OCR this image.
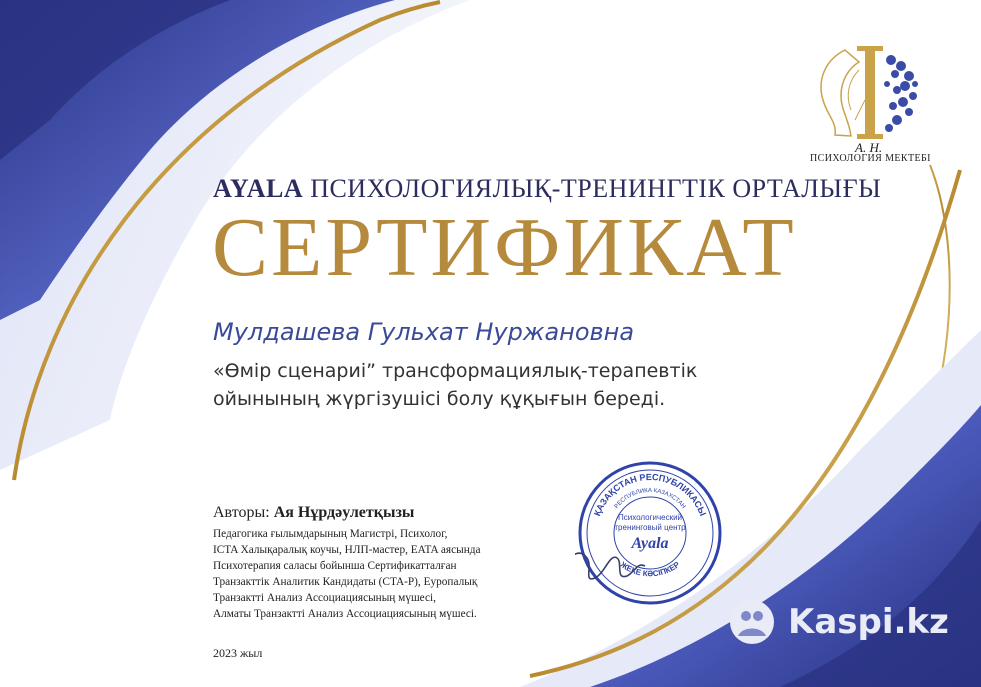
А. Н.
ПСИХОЛОГИЯ МЕКТЕБІ
AYALA ПСИХОЛОГИЯЛЫҚ-ТРЕНИНГТІК ОРТАЛЫҒЫ
СЕРТИФИКАТ
Мулдашева Гульхат Нуржановна
«Өмір сценариі” трансформациялық-терапевтік ойынының жүргізушісі болу құқығын береді.
Авторы: Ая Нұрдәулетқызы
Педагогика ғылымдарының Магистрі, Психолог,
ICTA Халықаралық коучы, НЛП-мастер, EATA аясында
Психотерапия саласы бойынша Сертификатталған
Транзакттік Аналитик Кандидаты (CTA-P), Еуропалық
Транзактті Анализ Ассоциациясының мүшесі,
Алматы Транзактті Анализ Ассоциациясының мүшесі.
2023 жыл
ҚАЗАҚСТАН РЕСПУБЛИКАСЫ
РЕСПУБЛИКА КАЗАХСТАН
ЖЕКЕ КӘСІПКЕР
Психологический
тренинговый центр
Ayala
Kaspi.kz
